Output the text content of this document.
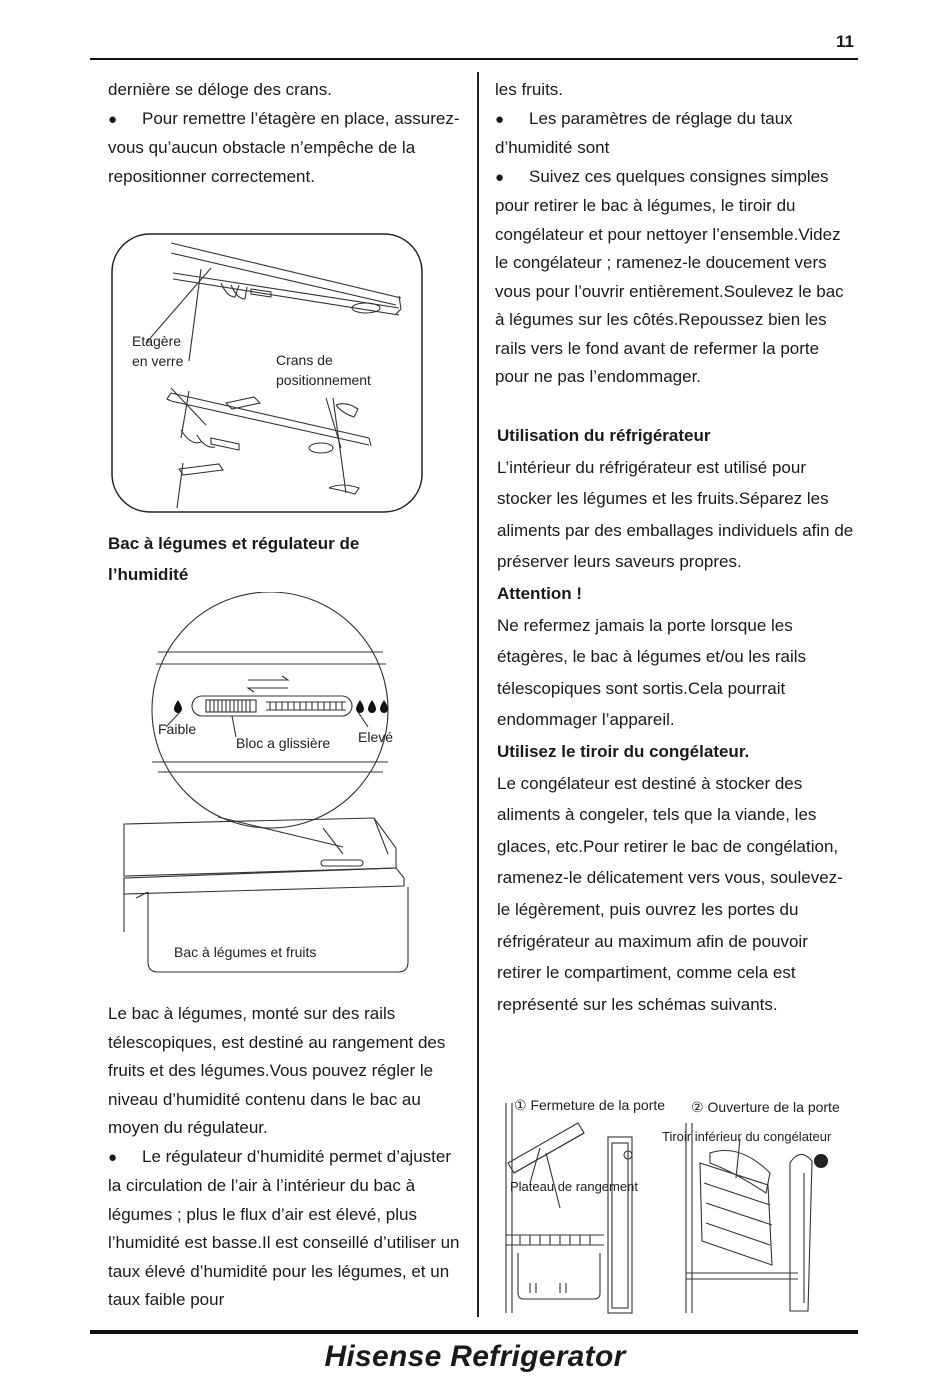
11

dernière se déloge des crans.

●Pour remettre l’étagère en place, assurez-vous qu’aucun obstacle n’empêche de la repositionner correctement.

Etagère
en verre	Crans de
positionnement
Bac à légumes et régulateur de l’humidité
Faible
Bloc a glissière Elevé
Bac à légumes et fruits

Le bac à légumes, monté sur des rails télescopiques, est destiné au rangement des fruits et des légumes.Vous pouvez régler le niveau d’humidité contenu dans le bac au moyen du régulateur.

●Le régulateur d’humidité permet d’ajuster la circulation de l’air à l’intérieur du bac à légumes ; plus le flux d’air est élevé, plus l’humidité est basse.Il est conseillé d’utiliser un taux élevé d’humidité pour les légumes, et un taux faible pour

les fruits.

●Les paramètres de réglage du taux d’humidité sont

●Suivez ces quelques consignes simples pour retirer le bac à légumes, le tiroir du congélateur et pour nettoyer l’ensemble.Videz le congélateur ; ramenez-le doucement vers vous pour l’ouvrir entièrement.Soulevez le bac à légumes sur les côtés.Repoussez bien les rails vers le fond avant de refermer la porte pour ne pas l’endommager.

Utilisation du réfrigérateur

L’intérieur du réfrigérateur est utilisé pour stocker les légumes et les fruits.Séparez les aliments par des emballages individuels afin de préserver leurs saveurs propres.

Attention !

Ne refermez jamais la porte lorsque les étagères, le bac à légumes et/ou les rails télescopiques sont sortis.Cela pourrait endommager l’appareil.

Utilisez le tiroir du congélateur.

Le congélateur est destiné à stocker des aliments à congeler, tels que la viande, les glaces, etc.Pour retirer le bac de congélation, ramenez-le délicatement vers vous, soulevez-le légèrement, puis ouvrez les portes du réfrigérateur au maximum afin de pouvoir retirer le compartiment, comme cela est représenté sur les schémas suivants.

① Fermeture de la porte ② Ouverture de la porte
Tiroir inférieur du congélateur
Plateau de rangement
Hisense Refrigerator
